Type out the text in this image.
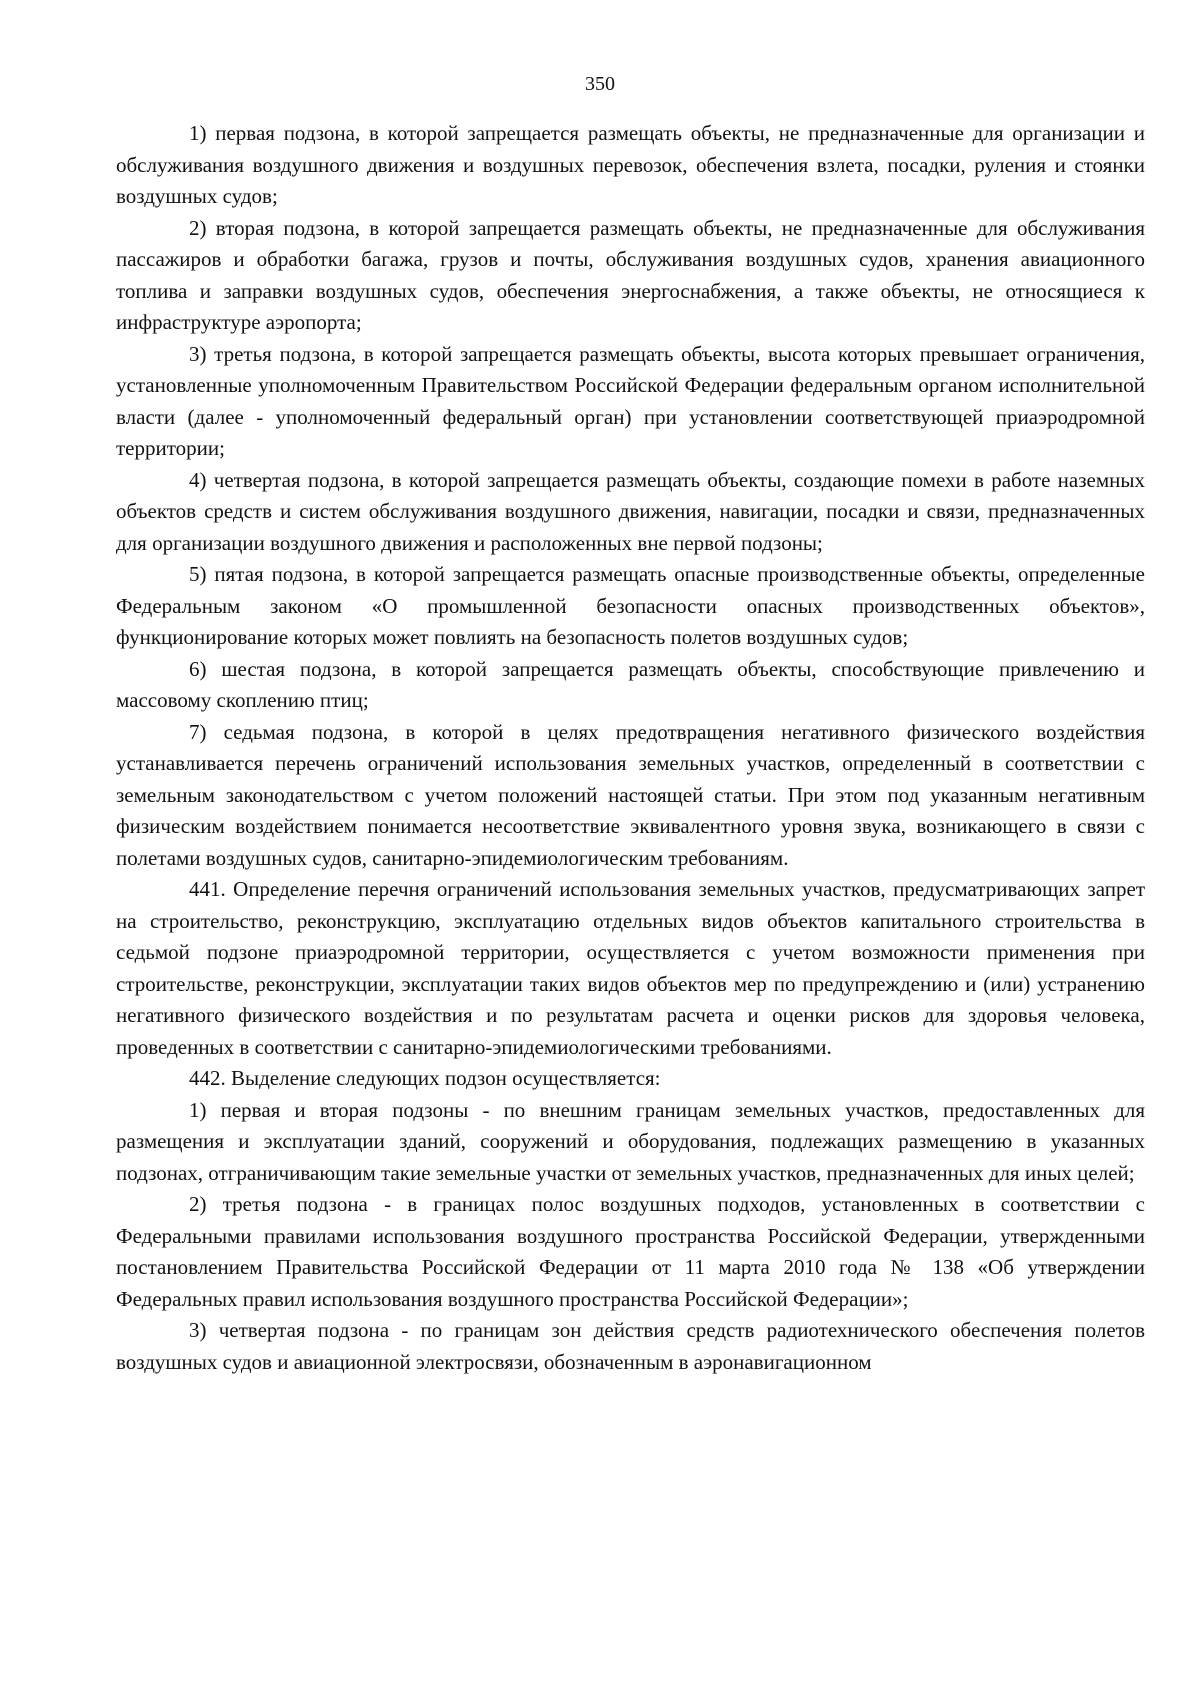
350

1) первая подзона, в которой запрещается размещать объекты, не предназначенные для организации и обслуживания воздушного движения и воздушных перевозок, обеспечения взлета, посадки, руления и стоянки воздушных судов;

2) вторая подзона, в которой запрещается размещать объекты, не предназначенные для обслуживания пассажиров и обработки багажа, грузов и почты, обслуживания воздушных судов, хранения авиационного топлива и заправки воздушных судов, обеспечения энергоснабжения, а также объекты, не относящиеся к инфраструктуре аэропорта;

3) третья подзона, в которой запрещается размещать объекты, высота которых превышает ограничения, установленные уполномоченным Правительством Российской Федерации федеральным органом исполнительной власти (далее - уполномоченный федеральный орган) при установлении соответствующей приаэродромной территории;

4) четвертая подзона, в которой запрещается размещать объекты, создающие помехи в работе наземных объектов средств и систем обслуживания воздушного движения, навигации, посадки и связи, предназначенных для организации воздушного движения и расположенных вне первой подзоны;

5) пятая подзона, в которой запрещается размещать опасные производственные объекты, определенные Федеральным законом «О промышленной безопасности опасных производственных объектов», функционирование которых может повлиять на безопасность полетов воздушных судов;

6) шестая подзона, в которой запрещается размещать объекты, способствующие привлечению и массовому скоплению птиц;

7) седьмая подзона, в которой в целях предотвращения негативного физического воздействия устанавливается перечень ограничений использования земельных участков, определенный в соответствии с земельным законодательством с учетом положений настоящей статьи. При этом под указанным негативным физическим воздействием понимается несоответствие эквивалентного уровня звука, возникающего в связи с полетами воздушных судов, санитарно-эпидемиологическим требованиям.

441. Определение перечня ограничений использования земельных участков, предусматривающих запрет на строительство, реконструкцию, эксплуатацию отдельных видов объектов капитального строительства в седьмой подзоне приаэродромной территории, осуществляется с учетом возможности применения при строительстве, реконструкции, эксплуатации таких видов объектов мер по предупреждению и (или) устранению негативного физического воздействия и по результатам расчета и оценки рисков для здоровья человека, проведенных в соответствии с санитарно-эпидемиологическими требованиями.

442. Выделение следующих подзон осуществляется:

1) первая и вторая подзоны - по внешним границам земельных участков, предоставленных для размещения и эксплуатации зданий, сооружений и оборудования, подлежащих размещению в указанных подзонах, отграничивающим такие земельные участки от земельных участков, предназначенных для иных целей;

2) третья подзона - в границах полос воздушных подходов, установленных в соответствии с Федеральными правилами использования воздушного пространства Российской Федерации, утвержденными постановлением Правительства Российской Федерации от 11 марта 2010 года № 138 «Об утверждении Федеральных правил использования воздушного пространства Российской Федерации»;

3) четвертая подзона - по границам зон действия средств радиотехнического обеспечения полетов воздушных судов и авиационной электросвязи, обозначенным в аэронавигационном
